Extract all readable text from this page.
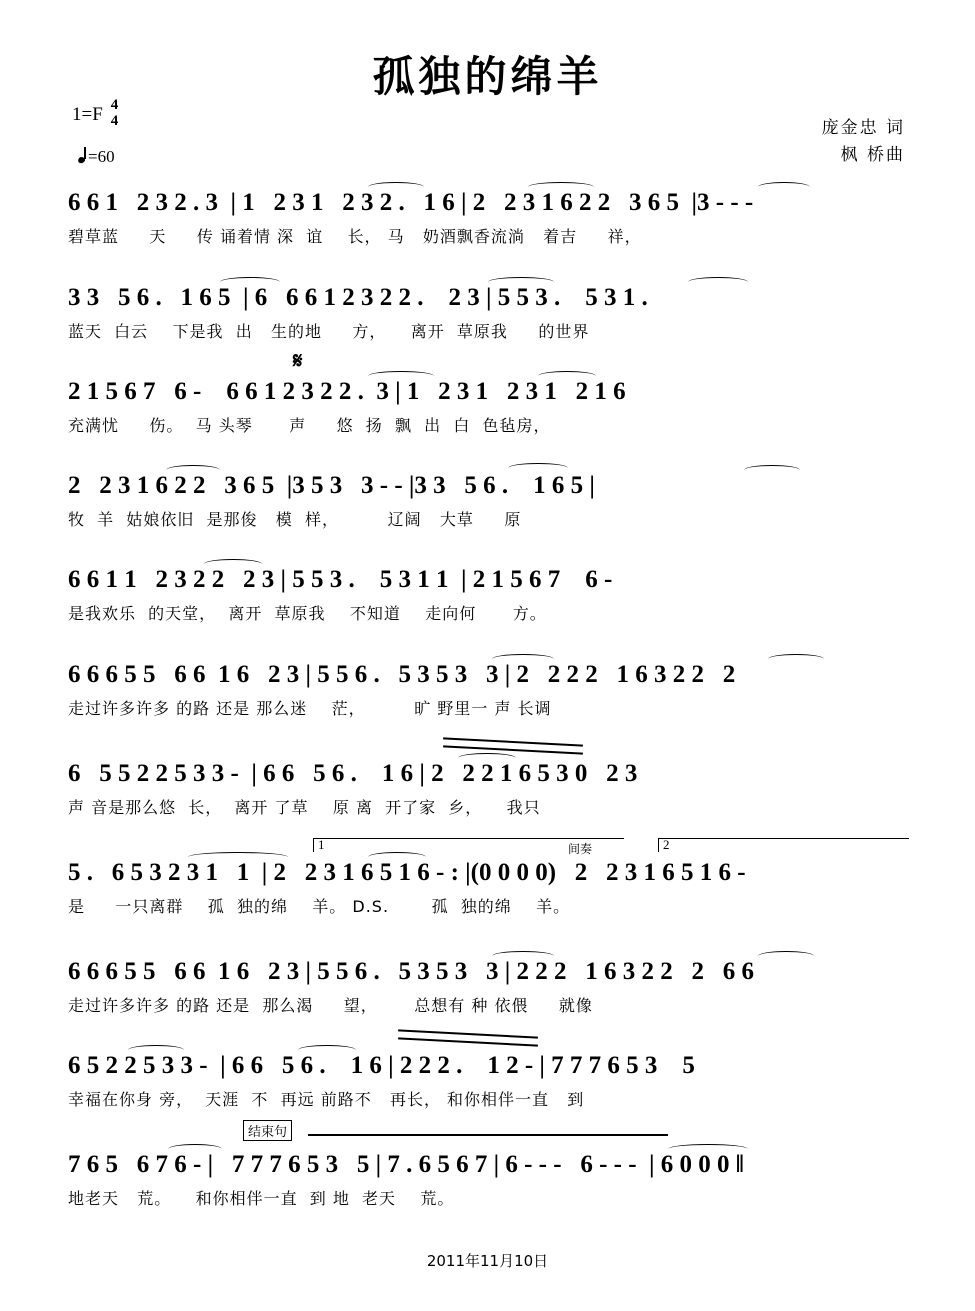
孤独的绵羊
1=F 4
4
=60
庞金忠 词
枫 桥曲
6 6 1   2 3 2 . 3  | 1   2 3 1   2 3 2 .   1 6 | 2   2 3 1 6 2 2   3 6 5  |3 - - -
碧草蓝     天     传 诵着情 深  谊    长， 马   奶酒飘香流淌   着吉     祥，
3 3   5 6 .   1 6 5  | 6   6 6 1 2 3 2 2 .    2 3 | 5 5 3 .    5 3 1 .
蓝天  白云    下是我  出   生的地     方，    离开  草原我     的世界
𝄋
2 1 5 6 7   6 -    6 6 1 2 3 2 2 .  3 | 1   2 3 1   2 3 1   2 1 6
充满忧     伤。  马 头琴      声     悠  扬  飘  出  白  色毡房，
2   2 3 1 6 2 2   3 6 5  |3 5 3   3 - - |3 3   5 6 .    1 6 5 |
牧  羊  姑娘依旧  是那俊   模  样，        辽阔   大草     原
6 6 1 1   2 3 2 2   2 3 | 5 5 3 .    5 3 1 1  | 2 1 5 6 7    6 -
是我欢乐  的天堂，  离开  草原我    不知道    走向何      方。
6 6 6 5 5   6 6  1 6   2 3 | 5 5 6 .   5 3 5 3   3 | 2   2 2 2   1 6 3 2 2   2
走过许多许多 的路 还是 那么迷    茫，        旷 野里一 声 长调
6   5 5 2 2 5 3 3 -  | 6 6   5 6 .    1 6 | 2   2 2 1 6 5 3 0   2 3
声 音是那么悠  长，  离开 了草    原 离  开了家  乡，    我只
1	2
间奏
5 .   6 5 3 2 3 1   1  | 2   2 3 1 6 5 1 6 - : |(0 0 0 0)   2   2 3 1 6 5 1 6 -
是     一只离群    孤  独的绵    羊。 D.S.       孤  独的绵    羊。
6 6 6 5 5   6 6  1 6   2 3 | 5 5 6 .   5 3 5 3   3 | 2 2 2   1 6 3 2 2   2   6 6
走过许多许多 的路 还是  那么渴     望，      总想有 种 依偎     就像
6 5 2 2 5 3 3 -  | 6 6   5 6 .    1 6 | 2 2 2 .    1 2 - | 7 7 7 6 5 3    5
幸福在你身 旁，  天涯  不  再远 前路不   再长， 和你相伴一直   到
结束句
7 6 5   6 7 6 - |   7 7 7 6 5 3   5 | 7 . 6 5 6 7 | 6 - - -   6 - - -  | 6 0 0 0 ‖
地老天   荒。    和你相伴一直  到 地  老天    荒。
2011年11月10日
